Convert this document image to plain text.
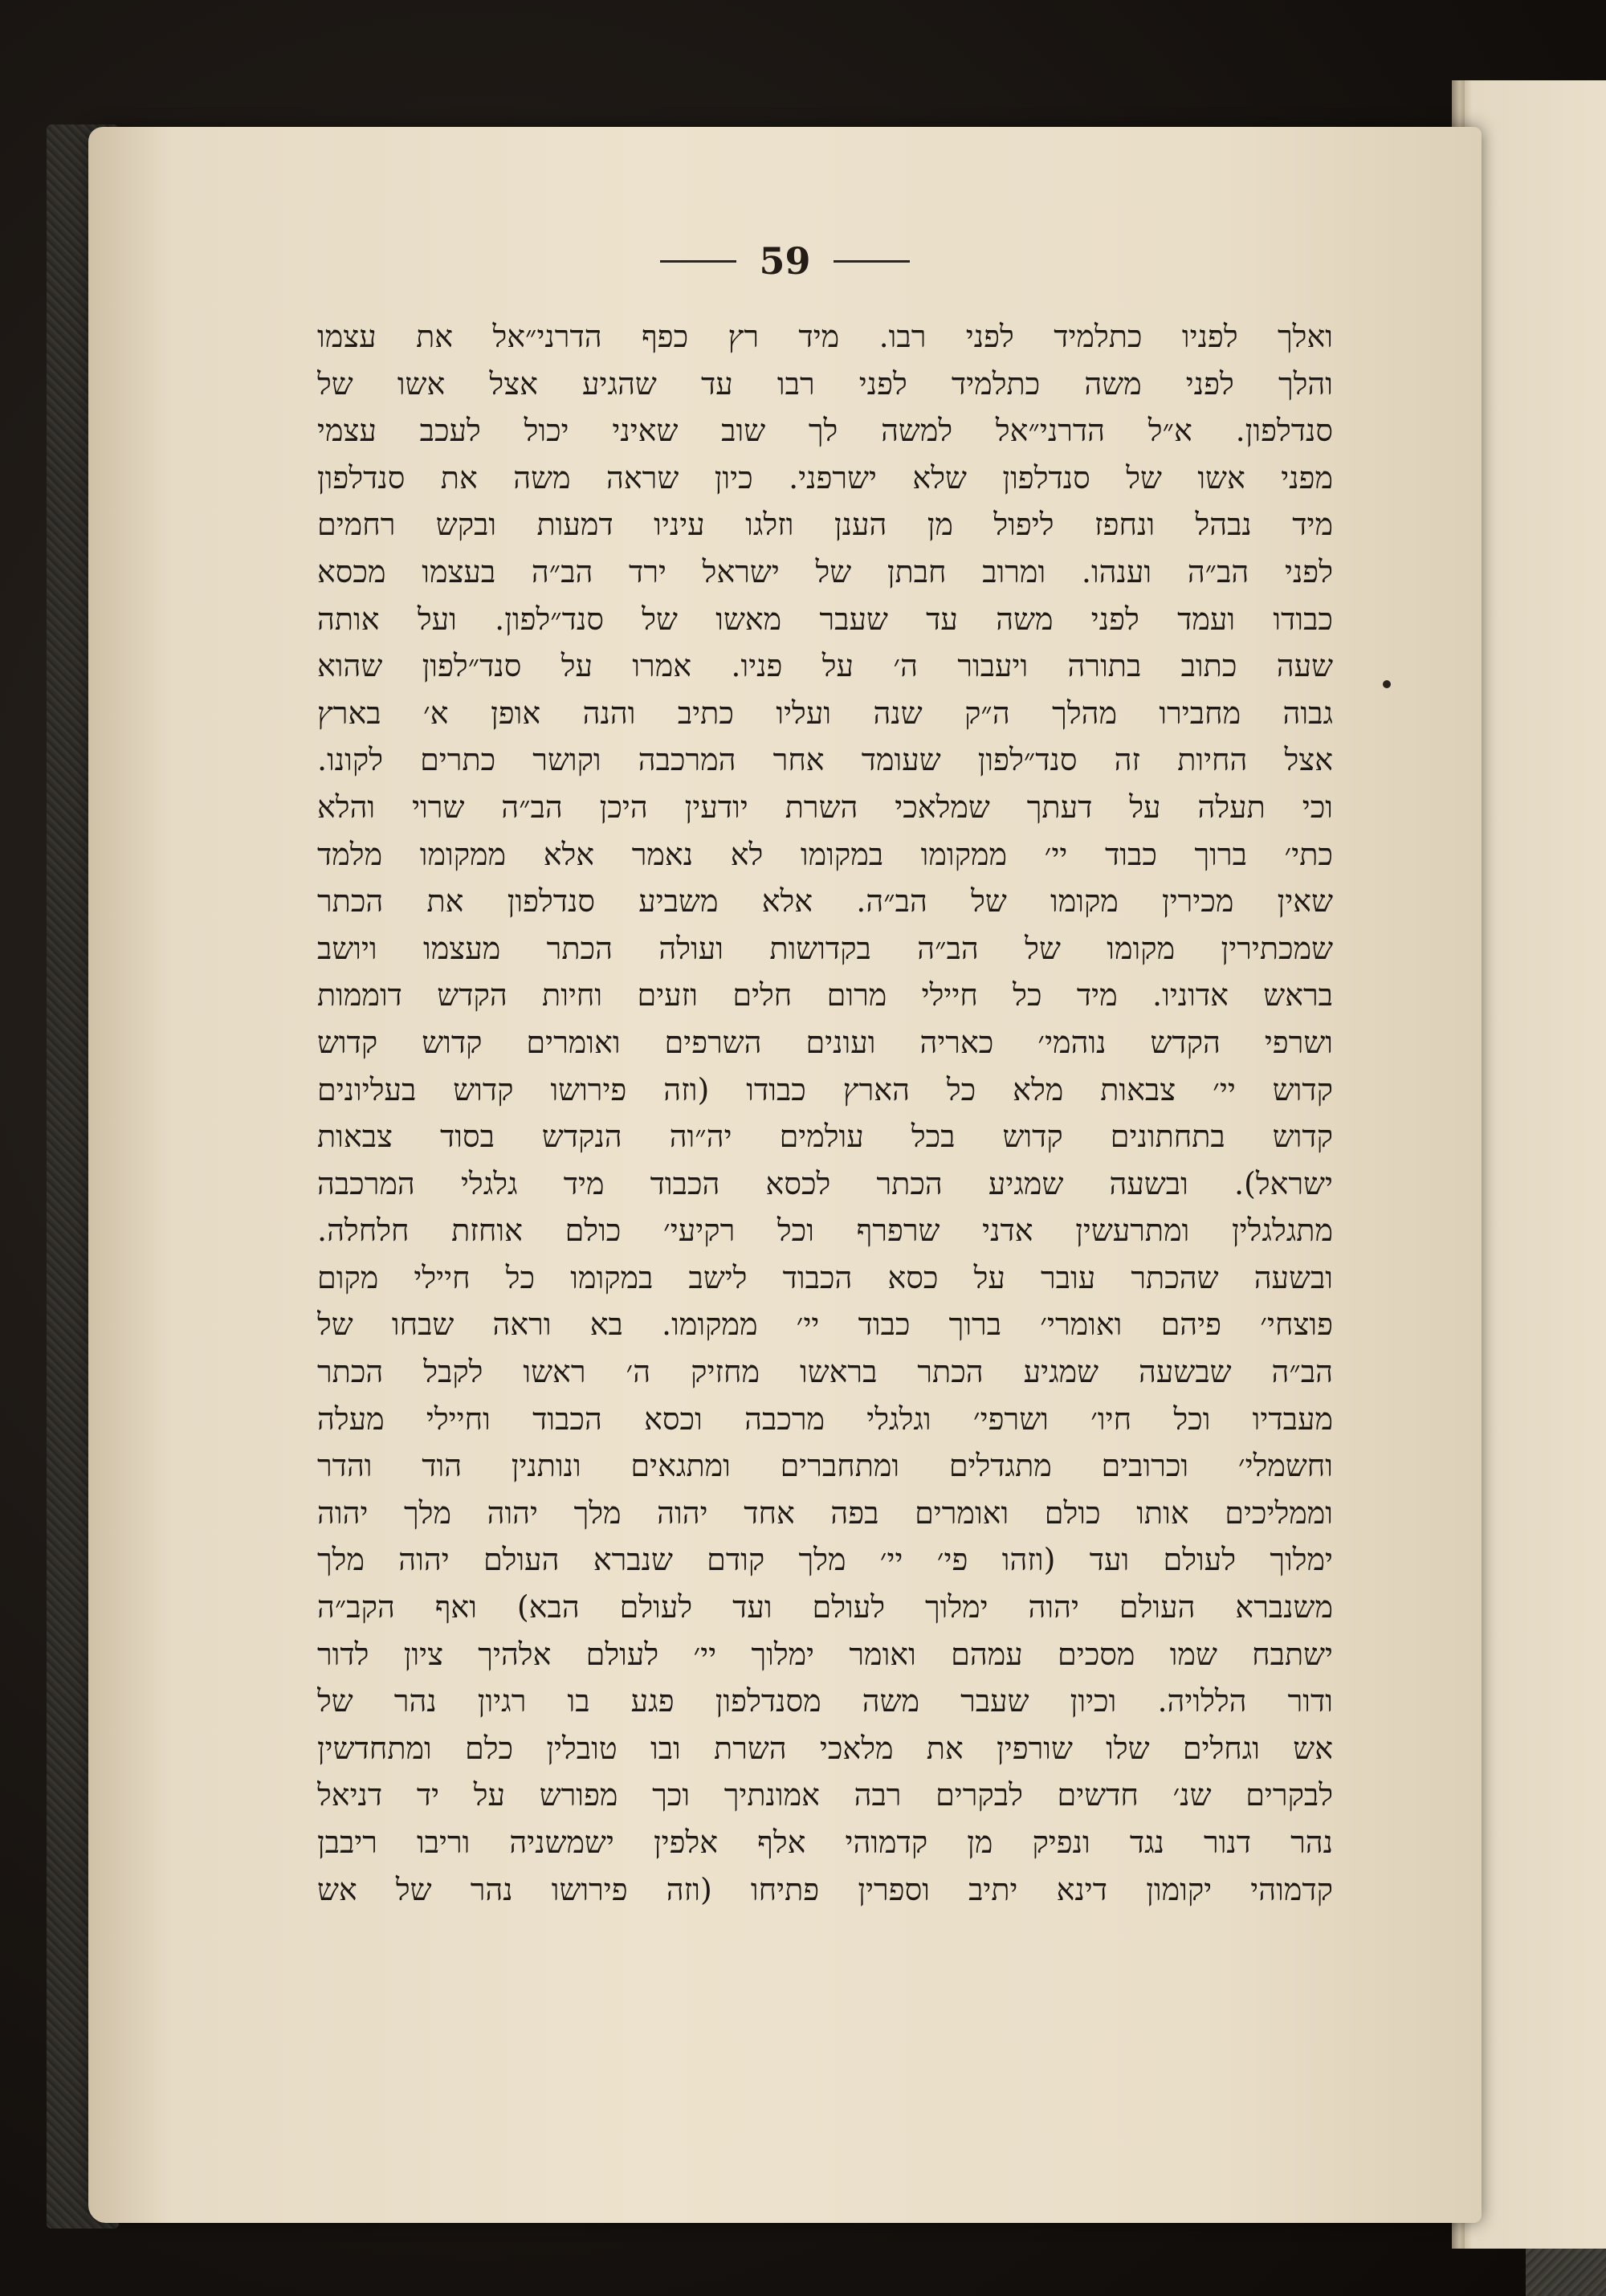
59
ואלך לפניו כתלמיד לפני רבו. מיד רץ כפף הדרני״אל את עצמו
והלך לפני משה כתלמיד לפני רבו עד שהגיע אצל אשו של
סנדלפון. א״ל הדרני״אל למשה לך שוב שאיני יכול לעכב עצמי
מפני אשו של סנדלפון שלא ישרפני. כיון שראה משה את סנדלפון
מיד נבהל ונחפז ליפול מן הענן וזלגו עיניו דמעות ובקש רחמים
לפני הב״ה וענהו. ומרוב חבתן של ישראל ירד הב״ה בעצמו מכסא
כבודו ועמד לפני משה עד שעבר מאשו של סנד״לפון. ועל אותה
שעה כתוב בתורה ויעבור ה׳ על פניו. אמרו על סנד״לפון שהוא
גבוה מחבירו מהלך ה״ק שנה ועליו כתיב והנה אופן א׳ בארץ
אצל החיות זה סנד״לפון שעומד אחר המרכבה וקושר כתרים לקונו.
וכי תעלה על דעתך שמלאכי השרת יודעין היכן הב״ה שרוי והלא
כתי׳ ברוך כבוד יי׳ ממקומו במקומו לא נאמר אלא ממקומו מלמד
שאין מכירין מקומו של הב״ה. אלא משביע סנדלפון את הכתר
שמכתירין מקומו של הב״ה בקדושות ועולה הכתר מעצמו ויושב
בראש אדוניו. מיד כל חיילי מרום חלים וזעים וחיות הקדש דוממות
ושרפי הקדש נוהמי׳ כאריה ועונים השרפים ואומרים קדוש קדוש
קדוש יי׳ צבאות מלא כל הארץ כבודו (וזה פירושו קדוש בעליונים
קדוש בתחתונים קדוש בכל עולמים יה״וה הנקדש בסוד צבאות
ישראל). ובשעה שמגיע הכתר לכסא הכבוד מיד גלגלי המרכבה
מתגלגלין ומתרעשין אדני שרפרף וכל רקיעי׳ כולם אוחזת חלחלה.
ובשעה שהכתר עובר על כסא הכבוד לישב במקומו כל חיילי מקום
פוצחי׳ פיהם ואומרי׳ ברוך כבוד יי׳ ממקומו. בא וראה שבחו של
הב״ה שבשעה שמגיע הכתר בראשו מחזיק ה׳ ראשו לקבל הכתר
מעבדיו וכל חיו׳ ושרפי׳ וגלגלי מרכבה וכסא הכבוד וחיילי מעלה
וחשמלי׳ וכרובים מתגדלים ומתחברים ומתגאים ונותנין הוד והדר
וממליכים אותו כולם ואומרים בפה אחד יהוה מלך יהוה מלך יהוה
ימלוך לעולם ועד (וזהו פי׳ יי׳ מלך קודם שנברא העולם יהוה מלך
משנברא העולם יהוה ימלוך לעולם ועד לעולם הבא) ואף הקב״ה
ישתבח שמו מסכים עמהם ואומר ימלוך יי׳ לעולם אלהיך ציון לדור
ודור הללויה. וכיון שעבר משה מסנדלפון פגע בו רגיון נהר של
אש וגחלים שלו שורפין את מלאכי השרת ובו טובלין כלם ומתחדשין
לבקרים שנ׳ חדשים לבקרים רבה אמונתיך וכך מפורש על יד דניאל
נהר דנור נגד ונפיק מן קדמוהי אלף אלפין ישמשניה וריבו ריבבן
קדמוהי יקומון דינא יתיב וספרין פתיחו (וזה פירושו נהר של אש
